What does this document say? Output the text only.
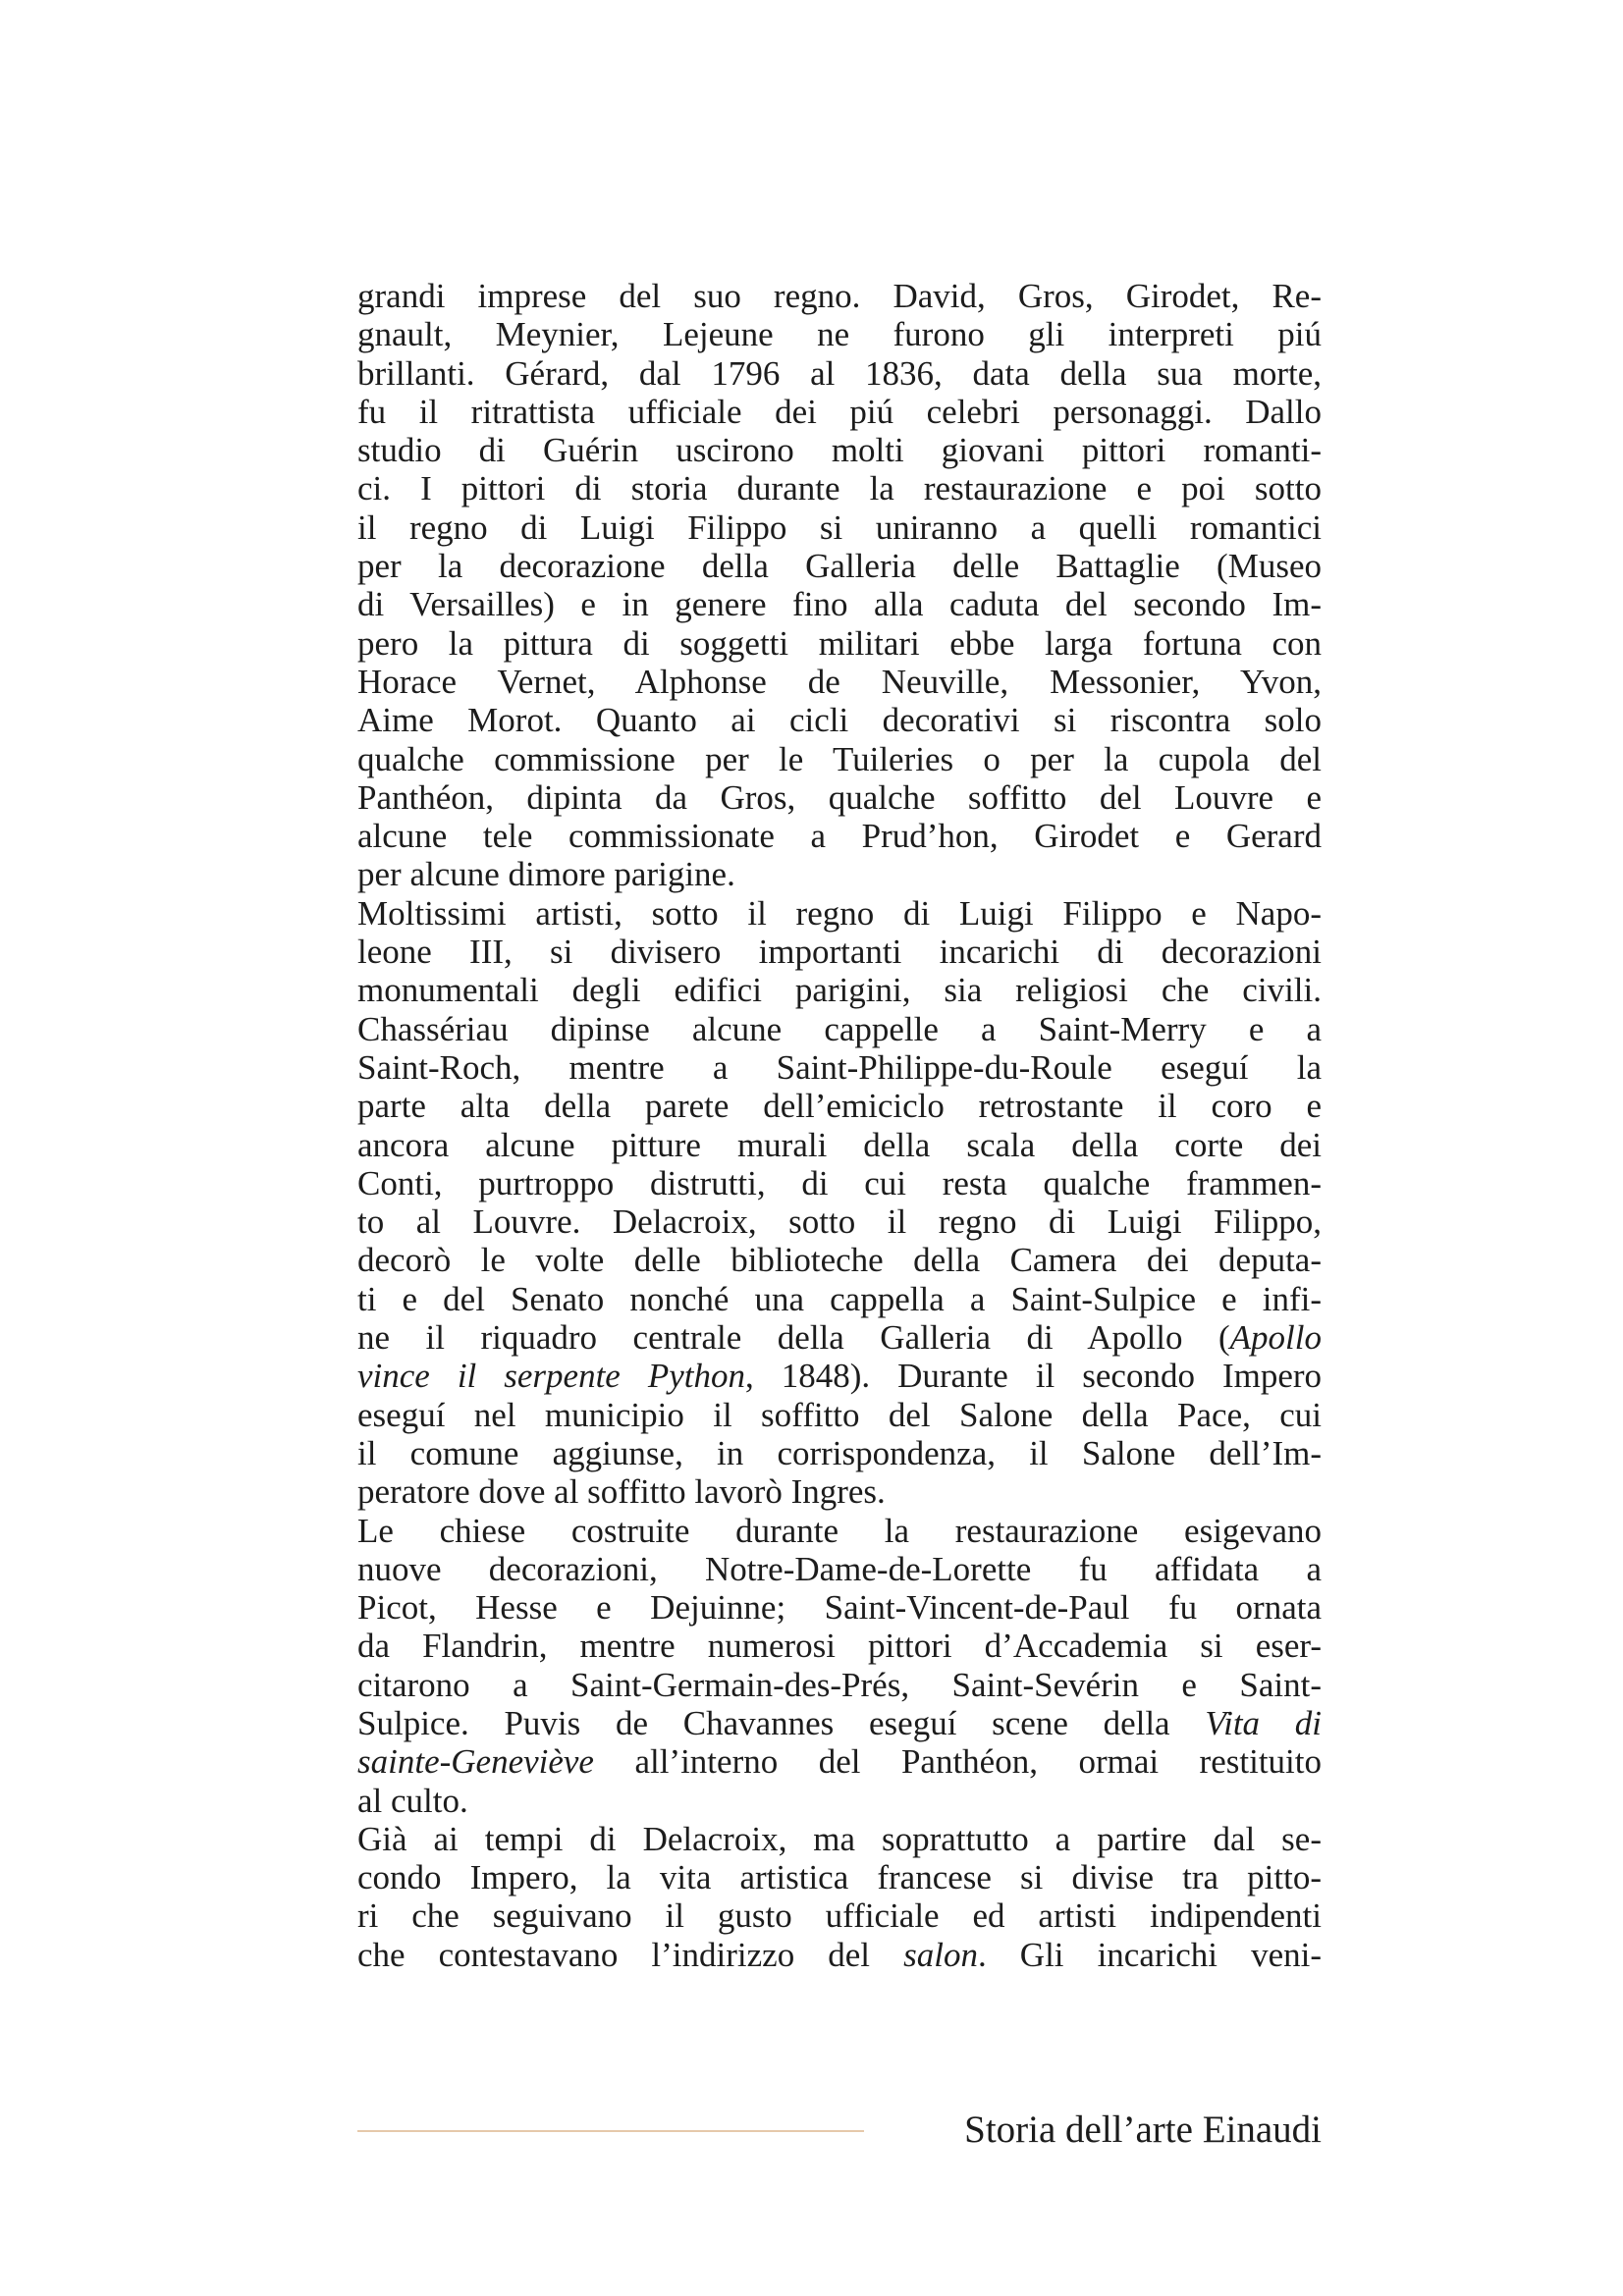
grandi imprese del suo regno. David, Gros, Girodet, Re-
gnault, Meynier, Lejeune ne furono gli interpreti piú
brillanti. Gérard, dal 1796 al 1836, data della sua morte,
fu il ritrattista ufficiale dei piú celebri personaggi. Dallo
studio di Guérin uscirono molti giovani pittori romanti-
ci. I pittori di storia durante la restaurazione e poi sotto
il regno di Luigi Filippo si uniranno a quelli romantici
per la decorazione della Galleria delle Battaglie (Museo
di Versailles) e in genere fino alla caduta del secondo Im-
pero la pittura di soggetti militari ebbe larga fortuna con
Horace Vernet, Alphonse de Neuville, Messonier, Yvon,
Aime Morot. Quanto ai cicli decorativi si riscontra solo
qualche commissione per le Tuileries o per la cupola del
Panthéon, dipinta da Gros, qualche soffitto del Louvre e
alcune tele commissionate a Prud’hon, Girodet e Gerard
per alcune dimore parigine.
Moltissimi artisti, sotto il regno di Luigi Filippo e Napo-
leone III, si divisero importanti incarichi di decorazioni
monumentali degli edifici parigini, sia religiosi che civili.
Chassériau dipinse alcune cappelle a Saint-Merry e a
Saint-Roch, mentre a Saint-Philippe-du-Roule eseguí la
parte alta della parete dell’emiciclo retrostante il coro e
ancora alcune pitture murali della scala della corte dei
Conti, purtroppo distrutti, di cui resta qualche frammen-
to al Louvre. Delacroix, sotto il regno di Luigi Filippo,
decorò le volte delle biblioteche della Camera dei deputa-
ti e del Senato nonché una cappella a Saint-Sulpice e infi-
ne il riquadro centrale della Galleria di Apollo (Apollo
vince il serpente Python, 1848). Durante il secondo Impero
eseguí nel municipio il soffitto del Salone della Pace, cui
il comune aggiunse, in corrispondenza, il Salone dell’Im-
peratore dove al soffitto lavorò Ingres.
Le chiese costruite durante la restaurazione esigevano
nuove decorazioni, Notre-Dame-de-Lorette fu affidata a
Picot, Hesse e Dejuinne; Saint-Vincent-de-Paul fu ornata
da Flandrin, mentre numerosi pittori d’Accademia si eser-
citarono a Saint-Germain-des-Prés, Saint-Sevérin e Saint-
Sulpice. Puvis de Chavannes eseguí scene della Vita di
sainte-Geneviève all’interno del Panthéon, ormai restituito
al culto.
Già ai tempi di Delacroix, ma soprattutto a partire dal se-
condo Impero, la vita artistica francese si divise tra pitto-
ri che seguivano il gusto ufficiale ed artisti indipendenti
che contestavano l’indirizzo del salon. Gli incarichi veni-
Storia dell’arte Einaudi
